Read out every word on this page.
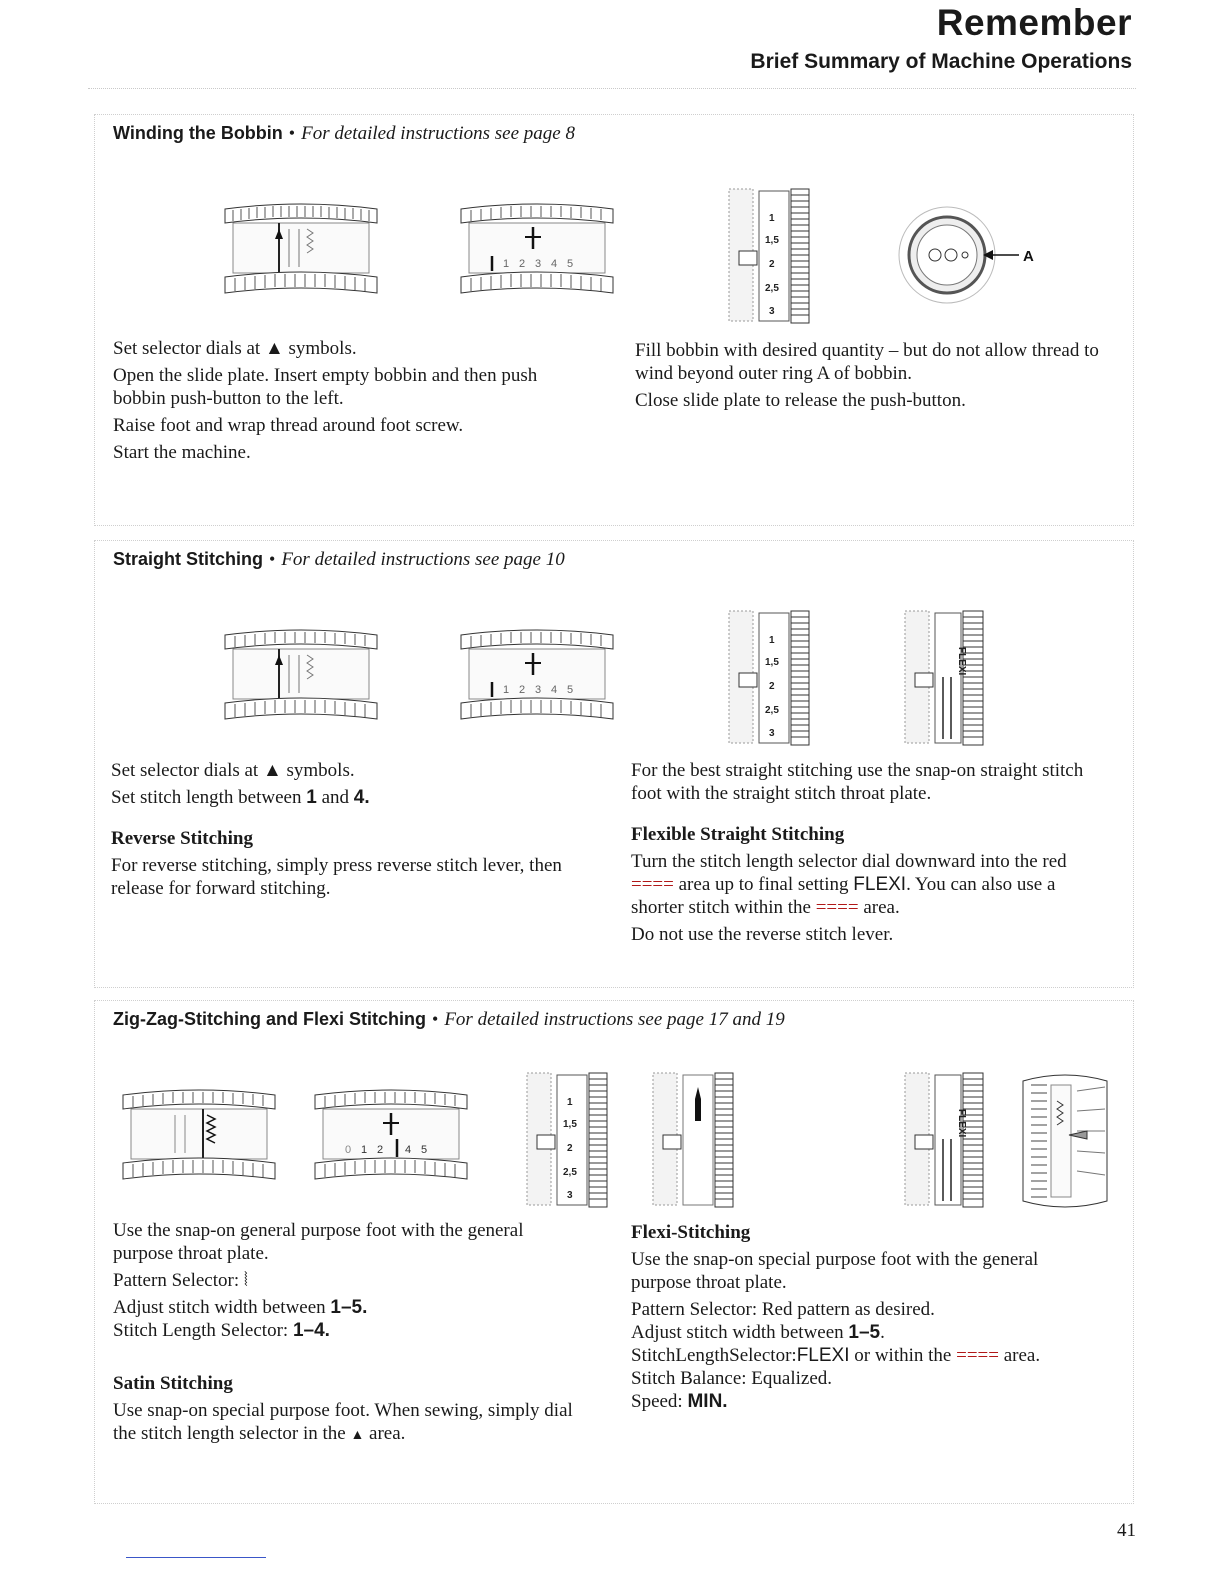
Remember
Brief Summary of Machine Operations
Winding the Bobbin • For detailed instructions see page 8
1 2 3 4 5
1
1,5
2
2,5
3
A

Set selector dials at ▲ symbols.

Open the slide plate. Insert empty bobbin and then push bobbin push-button to the left.

Raise foot and wrap thread around foot screw.

Start the machine.

Fill bobbin with desired quantity – but do not allow thread to wind beyond outer ring A of bobbin.

Close slide plate to release the push-button.

Straight Stitching • For detailed instructions see page 10
1 2 3 4 5
1
1,5
2
2,5
3
FLEXI

Set selector dials at ▲ symbols.

Set stitch length between 1 and 4.

Reverse Stitching

For reverse stitching, simply press reverse stitch lever, then release for forward stitching.

For the best straight stitching use the snap-on straight stitch foot with the straight stitch throat plate.

Flexible Straight Stitching

Turn the stitch length selector dial downward into the red ==== area up to final setting FLEXI. You can also use a shorter stitch within the ==== area.

Do not use the reverse stitch lever.

Zig-Zag-Stitching and Flexi Stitching • For detailed instructions see page 17 and 19
0 1 2 4 5
1
1,5
2
2,5
3
FLEXI

Use the snap-on general purpose foot with the general purpose throat plate.

Pattern Selector: ⦚

Adjust stitch width between 1–5.

Stitch Length Selector: 1–4.

Satin Stitching

Use snap-on special purpose foot. When sewing, simply dial the stitch length selector in the ▲ area.

Flexi-Stitching

Use the snap-on special purpose foot with the general purpose throat plate.

Pattern Selector: Red pattern as desired.

Adjust stitch width between 1–5.

StitchLengthSelector:FLEXI or within the ==== area.

Stitch Balance: Equalized.

Speed: MIN.

41
